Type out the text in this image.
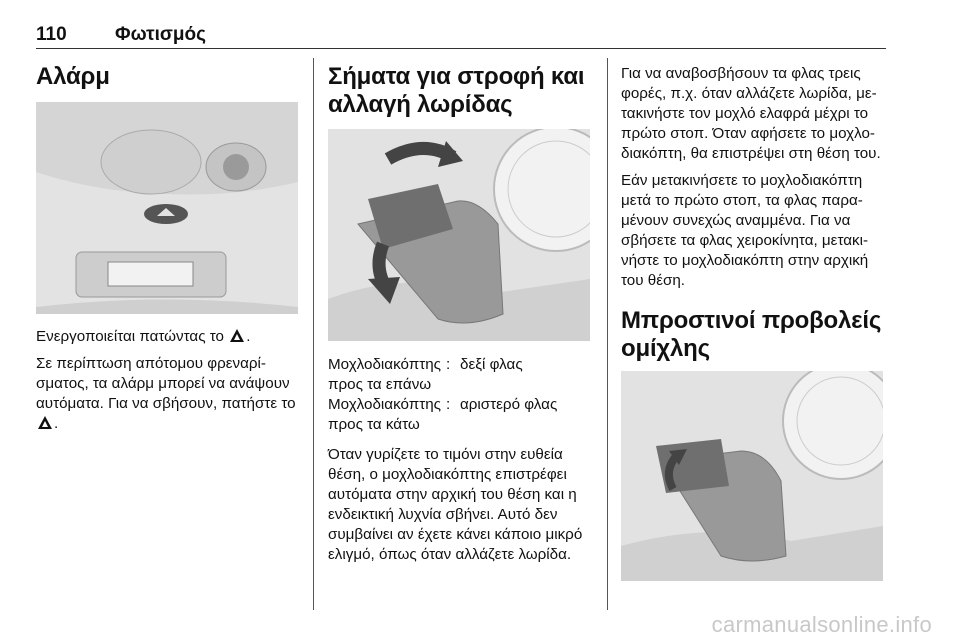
110	Φωτισμός
Αλάρμ

Ενεργοποιείται πατώντας το .

Σε περίπτωση απότομου φρεναρίσματος, τα αλάρμ μπορεί να ανάψουν αυτόματα. Για να σβήσουν, πατήστε το .

Σήματα για στροφή και αλλαγή λωρίδας
Μοχλοδιακόπτης προς τα επάνω	:	δεξί φλας
Μοχλοδιακόπτης προς τα κάτω	:	αριστερό φλας

Όταν γυρίζετε το τιμόνι στην ευθεία θέση, ο μοχλοδιακόπτης επιστρέφει αυτόματα στην αρχική του θέση και η ενδεικτική λυχνία σβήνει. Αυτό δεν συμβαίνει αν έχετε κάνει κάποιο μικρό ελιγμό, όπως όταν αλλάζετε λωρίδα.

Για να αναβοσβήσουν τα φλας τρεις φορές, π.χ. όταν αλλάζετε λωρίδα, μετακινήστε τον μοχλό ελαφρά μέχρι το πρώτο στοπ. Όταν αφήσετε το μοχλοδιακόπτη, θα επιστρέψει στη θέση του.

Εάν μετακινήσετε το μοχλοδιακόπτη μετά το πρώτο στοπ, τα φλας παραμένουν συνεχώς αναμμένα. Για να σβήσετε τα φλας χειροκίνητα, μετακινήστε το μοχλοδιακόπτη στην αρχική του θέση.

Μπροστινοί προβολείς ομίχλης
carmanualsonline.info
